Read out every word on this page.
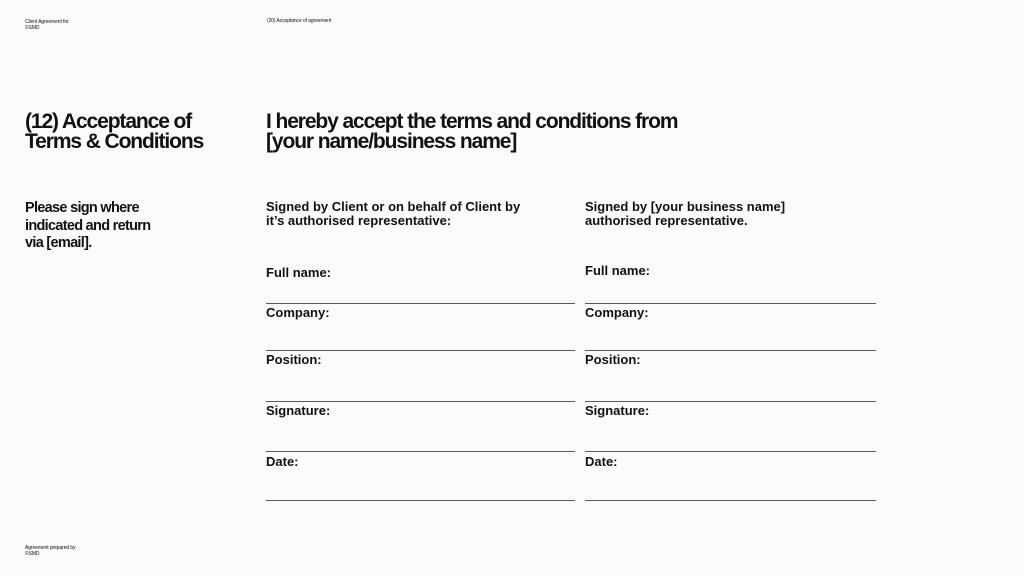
Client Agreement for
©SMD
(20) Acceptance of agreement
(12) Acceptance of
Terms & Conditions

Please sign where
indicated and return
via [email].

I hereby accept the terms and conditions from
[your name/business name]
Signed by Client or on behalf of Client by
it’s authorised representative:
Full name:
Company:
Position:
Signature:
Date:
Signed by [your business name]
authorised representative.
Full name:
Company:
Position:
Signature:
Date:
Agreement prepared by
©SMD
